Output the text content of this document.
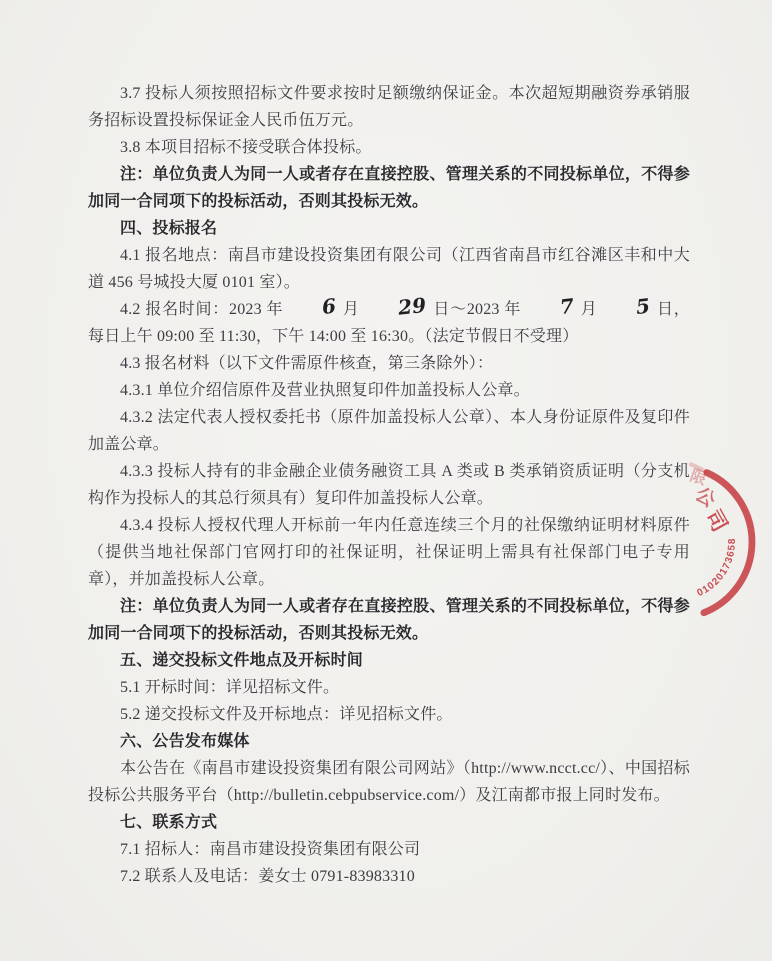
3.7 投标人须按照招标文件要求按时足额缴纳保证金。本次超短期融资券承销服务招标设置投标保证金人民币伍万元。

3.8 本项目招标不接受联合体投标。

注：单位负责人为同一人或者存在直接控股、管理关系的不同投标单位，不得参加同一合同项下的投标活动，否则其投标无效。

四、投标报名

4.1 报名地点：南昌市建设投资集团有限公司（江西省南昌市红谷滩区丰和中大道 456 号城投大厦 0101 室）。

4.2 报名时间：2023 年 6 月 29 日～2023 年 7 月 5 日，每日上午 09:00 至 11:30，下午 14:00 至 16:30。（法定节假日不受理）

4.3 报名材料（以下文件需原件核查，第三条除外）：

4.3.1 单位介绍信原件及营业执照复印件加盖投标人公章。

4.3.2 法定代表人授权委托书（原件加盖投标人公章）、本人身份证原件及复印件加盖公章。

4.3.3 投标人持有的非金融企业债务融资工具 A 类或 B 类承销资质证明（分支机构作为投标人的其总行须具有）复印件加盖投标人公章。

4.3.4 投标人授权代理人开标前一年内任意连续三个月的社保缴纳证明材料原件（提供当地社保部门官网打印的社保证明，社保证明上需具有社保部门电子专用章），并加盖投标人公章。

注：单位负责人为同一人或者存在直接控股、管理关系的不同投标单位，不得参加同一合同项下的投标活动，否则其投标无效。

五、递交投标文件地点及开标时间

5.1 开标时间：详见招标文件。

5.2 递交投标文件及开标地点：详见招标文件。

六、公告发布媒体

本公告在《南昌市建设投资集团有限公司网站》（http://www.ncct.cc/）、中国招标投标公共服务平台（http://bulletin.cebpubservice.com/）及江南都市报上同时发布。

七、联系方式

7.1 招标人：南昌市建设投资集团有限公司

7.2 联系人及电话：姜女士 0791-83983310

01020173658
限
公
司
